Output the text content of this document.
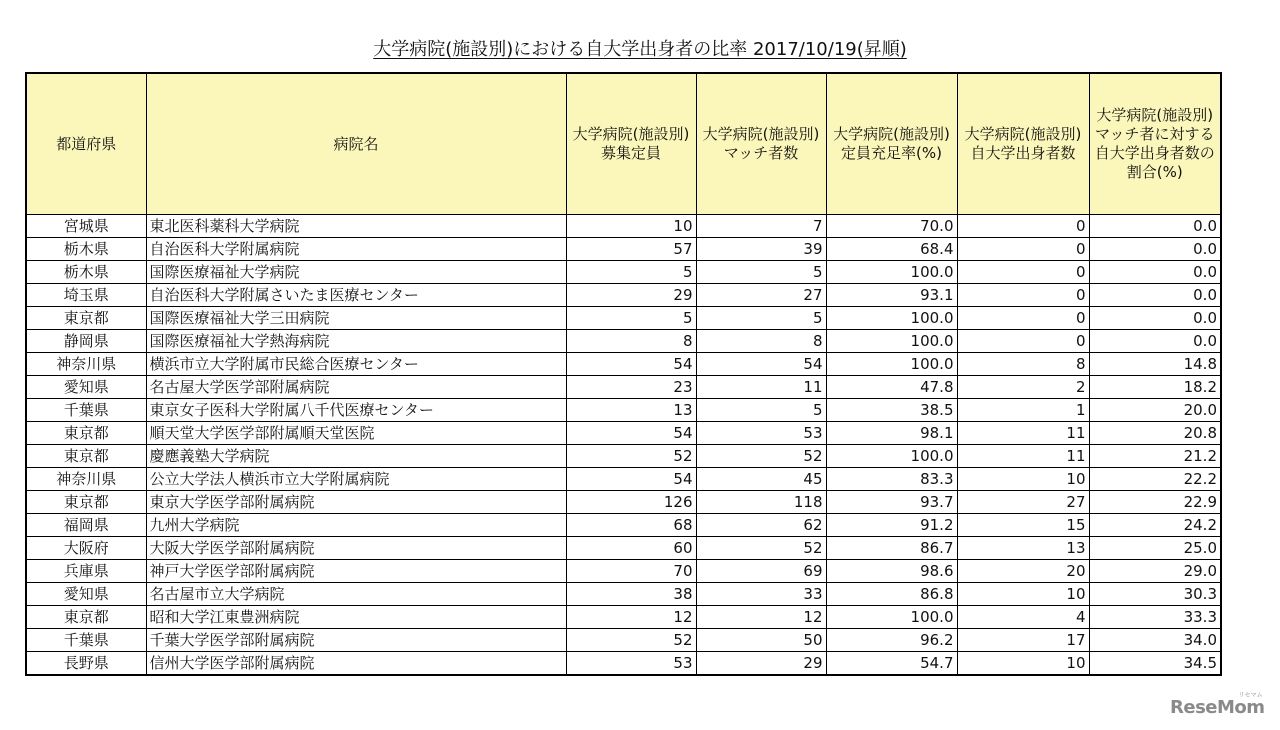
大学病院(施設別)における自大学出身者の比率 2017/10/19(昇順)
都道府県	病院名	大学病院(施設別)募集定員	大学病院(施設別)マッチ者数	大学病院(施設別)定員充足率(%)	大学病院(施設別)自大学出身者数	大学病院(施設別)マッチ者に対する自大学出身者数の割合(%)
宮城県	東北医科薬科大学病院	10	7	70.0	0	0.0
栃木県	自治医科大学附属病院	57	39	68.4	0	0.0
栃木県	国際医療福祉大学病院	5	5	100.0	0	0.0
埼玉県	自治医科大学附属さいたま医療センター	29	27	93.1	0	0.0
東京都	国際医療福祉大学三田病院	5	5	100.0	0	0.0
静岡県	国際医療福祉大学熱海病院	8	8	100.0	0	0.0
神奈川県	横浜市立大学附属市民総合医療センター	54	54	100.0	8	14.8
愛知県	名古屋大学医学部附属病院	23	11	47.8	2	18.2
千葉県	東京女子医科大学附属八千代医療センター	13	5	38.5	1	20.0
東京都	順天堂大学医学部附属順天堂医院	54	53	98.1	11	20.8
東京都	慶應義塾大学病院	52	52	100.0	11	21.2
神奈川県	公立大学法人横浜市立大学附属病院	54	45	83.3	10	22.2
東京都	東京大学医学部附属病院	126	118	93.7	27	22.9
福岡県	九州大学病院	68	62	91.2	15	24.2
大阪府	大阪大学医学部附属病院	60	52	86.7	13	25.0
兵庫県	神戸大学医学部附属病院	70	69	98.6	20	29.0
愛知県	名古屋市立大学病院	38	33	86.8	10	30.3
東京都	昭和大学江東豊洲病院	12	12	100.0	4	33.3
千葉県	千葉大学医学部附属病院	52	50	96.2	17	34.0
長野県	信州大学医学部附属病院	53	29	54.7	10	34.5
ReseMom
リセマム
